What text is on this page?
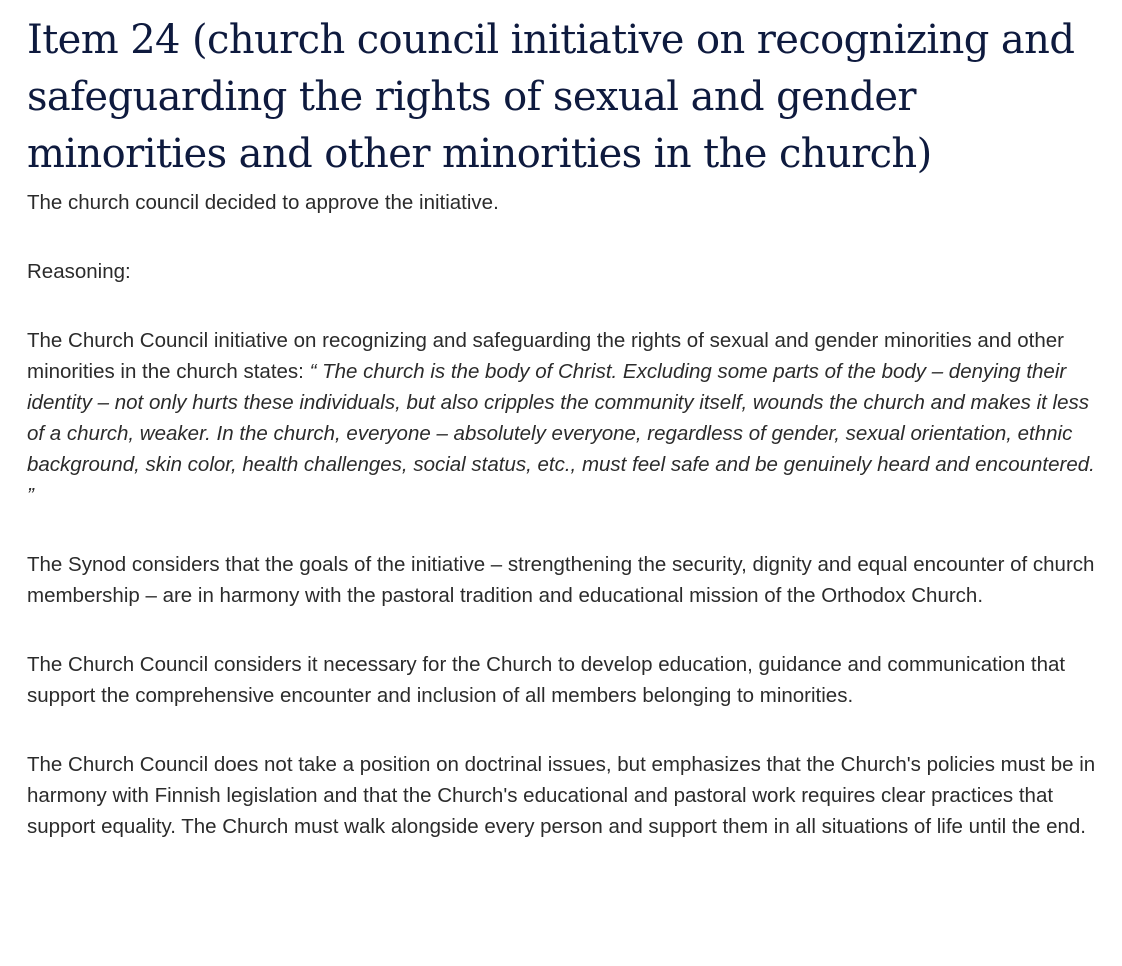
Item 24 (church council initiative on recognizing and safeguarding the rights of sexual and gender minorities and other minorities in the church)

The church council decided to approve the initiative.

Reasoning:

The Church Council initiative on recognizing and safeguarding the rights of sexual and gender minorities and other minorities in the church states: “ The church is the body of Christ. Excluding some parts of the body – denying their identity – not only hurts these individuals, but also cripples the community itself, wounds the church and makes it less of a church, weaker. In the church, everyone – absolutely everyone, regardless of gender, sexual orientation, ethnic background, skin color, health challenges, social status, etc., must feel safe and be genuinely heard and encountered. ”

The Synod considers that the goals of the initiative – strengthening the security, dignity and equal encounter of church membership – are in harmony with the pastoral tradition and educational mission of the Orthodox Church.

The Church Council considers it necessary for the Church to develop education, guidance and communication that support the comprehensive encounter and inclusion of all members belonging to minorities.

The Church Council does not take a position on doctrinal issues, but emphasizes that the Church's policies must be in harmony with Finnish legislation and that the Church's educational and pastoral work requires clear practices that support equality. The Church must walk alongside every person and support them in all situations of life until the end.
